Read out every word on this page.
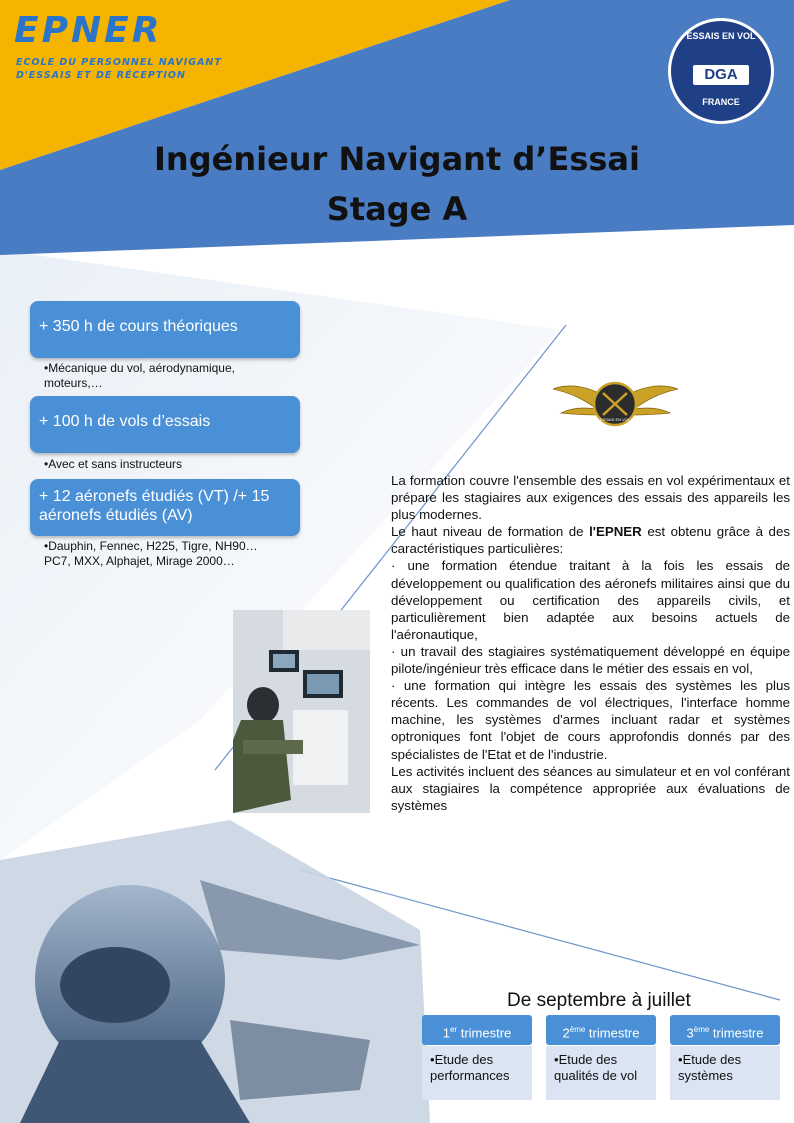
EPNER
ECOLE DU PERSONNEL NAVIGANT
D'ESSAIS ET DE RÉCEPTION
ESSAIS EN VOL
DGA
FRANCE
Ingénieur Navigant d’Essai
Stage A
+ 350 h de cours théoriques
•Mécanique du vol, aérodynamique, moteurs,…
+ 100 h de vols d’essais
•Avec et sans instructeurs
+ 12 aéronefs étudiés (VT) /+ 15 aéronefs étudiés (AV)
•Dauphin, Fennec, H225, Tigre, NH90…PC7, MXX, Alphajet, Mirage 2000…
ESSAIS EN VOL

La formation couvre l'ensemble des essais en vol expérimentaux et prépare les stagiaires aux exigences des essais des appareils les plus modernes.

Le haut niveau de formation de l'EPNER est obtenu grâce à des caractéristiques particulières:

· une formation étendue traitant à la fois les essais de développement ou qualification des aéronefs militaires ainsi que du développement ou certification des appareils civils, et particulièrement bien adaptée aux besoins actuels de l'aéronautique,

· un travail des stagiaires systématiquement développé en équipe pilote/ingénieur très efficace dans le métier des essais en vol,

· une formation qui intègre les essais des systèmes les plus récents. Les commandes de vol électriques, l'interface homme machine, les systèmes d'armes incluant radar et systèmes optroniques font l'objet de cours approfondis donnés par des spécialistes de l'Etat et de l'industrie.

Les activités incluent des séances au simulateur et en vol conférant aux stagiaires la compétence appropriée aux évaluations de systèmes

De septembre à juillet
1er trimestre
•Etude des performances
2ème trimestre
•Etude des qualités de vol
3ème trimestre
•Etude des systèmes
